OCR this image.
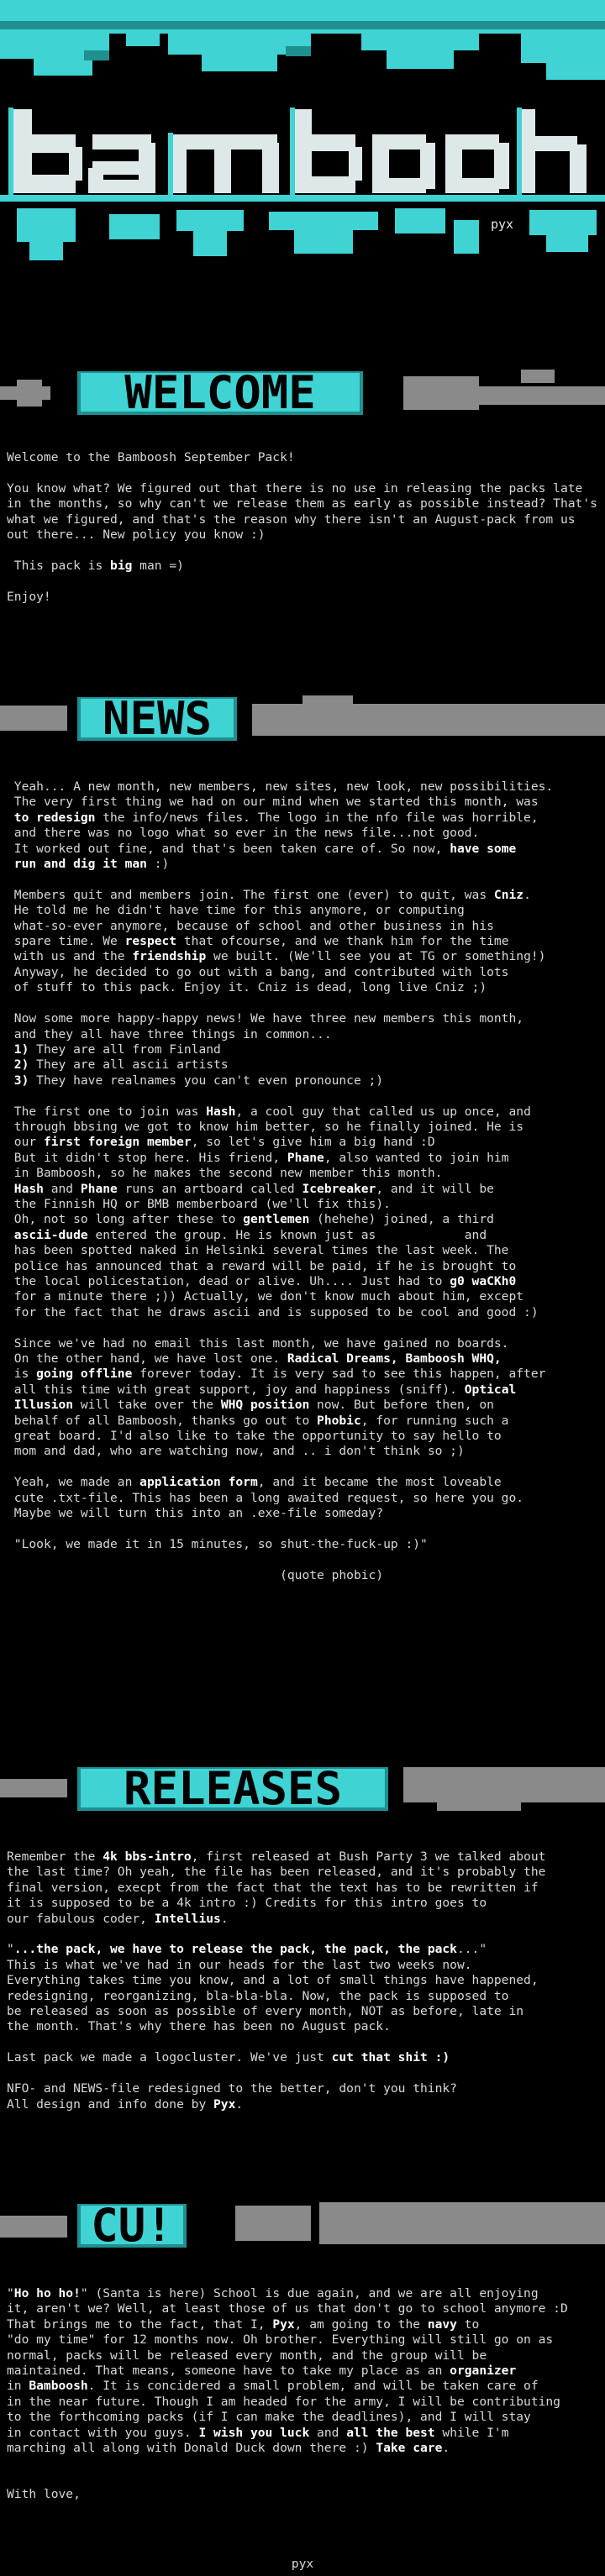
pyx
WELCOME
Welcome to the Bamboosh September Pack!

You know what? We figured out that there is no use in releasing the packs late in the months, so why can't we release them as early as possible instead? That's what we figured, and that's the reason why there isn't an August-pack from us out there... New policy you know :)

This pack is big man =)

Enjoy!
NEWS
Yeah... A new month, new members, new sites, new look, new possibilities.
The very first thing we had on our mind when we started this month, was
to redesign the info/news files. The logo in the nfo file was horrible,
and there was no logo what so ever in the news file...not good.
It worked out fine, and that's been taken care of. So now, have some
run and dig it man :)

Members quit and members join. The first one (ever) to quit, was Cniz.
He told me he didn't have time for this anymore, or computing
what-so-ever anymore, because of school and other business in his
spare time. We respect that ofcourse, and we thank him for the time
with us and the friendship we built. (We'll see you at TG or something!)
Anyway, he decided to go out with a bang, and contributed with lots
of stuff to this pack. Enjoy it. Cniz is dead, long live Cniz ;)

Now some more happy-happy news! We have three new members this month,
and they all have three things in common...
1) They are all from Finland
2) They are all ascii artists
3) They have realnames you can't even pronounce ;)

The first one to join was Hash, a cool guy that called us up once, and
through bbsing we got to know him better, so he finally joined. He is
our first foreign member, so let's give him a big hand :D
But it didn't stop here. His friend, Phane, also wanted to join him
in Bamboosh, so he makes the second new member this month.
Hash and Phane runs an artboard called Icebreaker, and it will be
the Finnish HQ or BMB memberboard (we'll fix this).
Oh, not so long after these to gentlemen (hehehe) joined, a third
ascii-dude entered the group. He is known just as            and
has been spotted naked in Helsinki several times the last week. The
police has announced that a reward will be paid, if he is brought to
the local policestation, dead or alive. Uh.... Just had to g0 waCKh0
for a minute there ;)) Actually, we don't know much about him, except
for the fact that he draws ascii and is supposed to be cool and good :)

Since we've had no email this last month, we have gained no boards.
On the other hand, we have lost one. Radical Dreams, Bamboosh WHQ,
is going offline forever today. It is very sad to see this happen, after
all this time with great support, joy and happiness (sniff). Optical
Illusion will take over the WHQ position now. But before then, on
behalf of all Bamboosh, thanks go out to Phobic, for running such a
great board. I'd also like to take the opportunity to say hello to
mom and dad, who are watching now, and .. i don't think so ;)

Yeah, we made an application form, and it became the most loveable
cute .txt-file. This has been a long awaited request, so here you go.
Maybe we will turn this into an .exe-file someday?

"Look, we made it in 15 minutes, so shut-the-fuck-up :)"

(quote phobic)
RELEASES
Remember the 4k bbs-intro, first released at Bush Party 3 we talked about
the last time? Oh yeah, the file has been released, and it's probably the
final version, execpt from the fact that the text has to be rewritten if
it is supposed to be a 4k intro :) Credits for this intro goes to
our fabulous coder, Intellius.

"...the pack, we have to release the pack, the pack, the pack..."
This is what we've had in our heads for the last two weeks now.
Everything takes time you know, and a lot of small things have happened,
redesigning, reorganizing, bla-bla-bla. Now, the pack is supposed to
be released as soon as possible of every month, NOT as before, late in
the month. That's why there has been no August pack.

Last pack we made a logocluster. We've just cut that shit :)

NFO- and NEWS-file redesigned to the better, don't you think?
All design and info done by Pyx.
CU!
"Ho ho ho!" (Santa is here) School is due again, and we are all enjoying
it, aren't we? Well, at least those of us that don't go to school anymore :D
That brings me to the fact, that I, Pyx, am going to the navy to
"do my time" for 12 months now. Oh brother. Everything will still go on as
normal, packs will be released every month, and the group will be
maintained. That means, someone have to take my place as an organizer
in Bamboosh. It is concidered a small problem, and will be taken care of
in the near future. Though I am headed for the army, I will be contributing
to the forthcoming packs (if I can make the deadlines), and I will stay
in contact with you guys. I wish you luck and all the best while I'm
marching all along with Donald Duck down there :) Take care.

With love,
pyx
